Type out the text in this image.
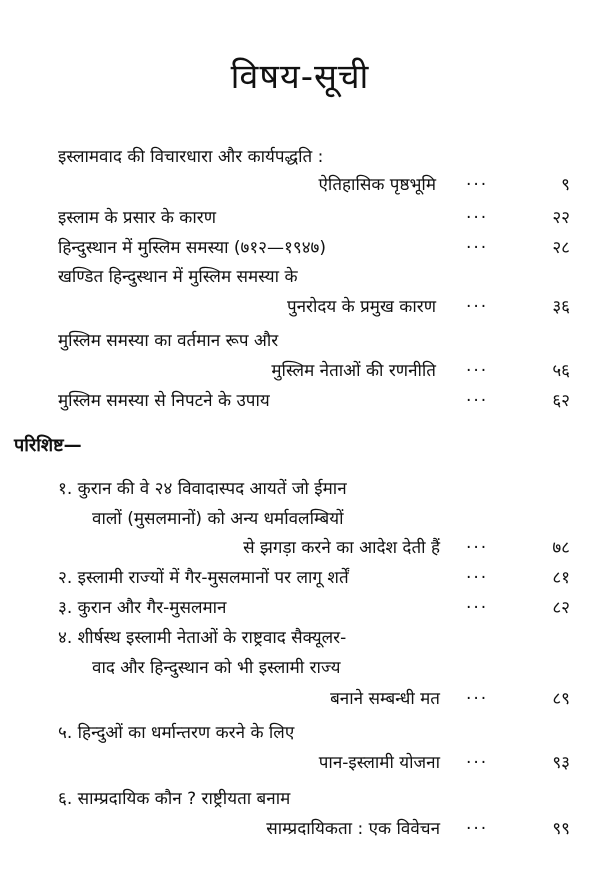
विषय-सूची
इस्लामवाद की विचारधारा और कार्यपद्धति :
ऐतिहासिक पृष्ठभूमि ···	९
इस्लाम के प्रसार के कारण	···	२२
हिन्दुस्थान में मुस्लिम समस्या (७१२—१९४७)	···	२८
खण्डित हिन्दुस्थान में मुस्लिम समस्या के
पुनरोदय के प्रमुख कारण ···	३६
मुस्लिम समस्या का वर्तमान रूप और
मुस्लिम नेताओं की रणनीति ···	५६
मुस्लिम समस्या से निपटने के उपाय	···	६२
परिशिष्ट—
१. कुरान की वे २४ विवादास्पद आयतें जो ईमान
वालों (मुसलमानों) को अन्य धर्मावलम्बियों
से झगड़ा करने का आदेश देती हैं ···	७८
२. इस्लामी राज्यों में गैर-मुसलमानों पर लागू शर्तें	···	८१
३. कुरान और गैर-मुसलमान	···	८२
४. शीर्षस्थ इस्लामी नेताओं के राष्ट्रवाद सैक्यूलर-
वाद और हिन्दुस्थान को भी इस्लामी राज्य
बनाने सम्बन्धी मत ···	८९
५. हिन्दुओं का धर्मान्तरण करने के लिए
पान-इस्लामी योजना ···	९३
६. साम्प्रदायिक कौन ? राष्ट्रीयता बनाम
साम्प्रदायिकता : एक विवेचन ···	९९
